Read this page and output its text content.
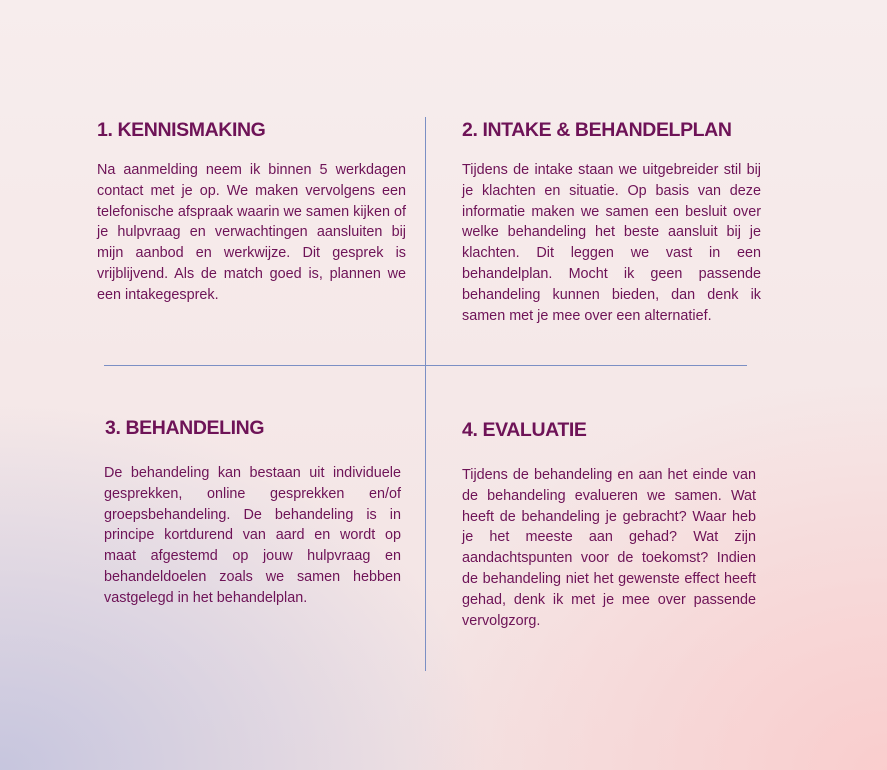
1. KENNISMAKING

Na aanmelding neem ik binnen 5 werkdagen contact met je op. We maken vervolgens een telefonische afspraak waarin we samen kijken of je hulpvraag en verwachtingen aansluiten bij mijn aanbod en werkwijze. Dit gesprek is vrijblijvend. Als de match goed is, plannen we een intakegesprek.

2. INTAKE & BEHANDELPLAN

Tijdens de intake staan we uitgebreider stil bij je klachten en situatie. Op basis van deze informatie maken we samen een besluit over welke behandeling het beste aansluit bij je klachten. Dit leggen we vast in een behandelplan. Mocht ik geen passende behandeling kunnen bieden, dan denk ik samen met je mee over een alternatief.

3. BEHANDELING

De behandeling kan bestaan uit individuele gesprekken, online gesprekken en/of groepsbehandeling. De behandeling is in principe kortdurend van aard en wordt op maat afgestemd op jouw hulpvraag en behandeldoelen zoals we samen hebben vastgelegd in het behandelplan.

4. EVALUATIE

Tijdens de behandeling en aan het einde van de behandeling evalueren we samen. Wat heeft de behandeling je gebracht? Waar heb je het meeste aan gehad? Wat zijn aandachtspunten voor de toekomst? Indien de behandeling niet het gewenste effect heeft gehad, denk ik met je mee over passende vervolgzorg.
